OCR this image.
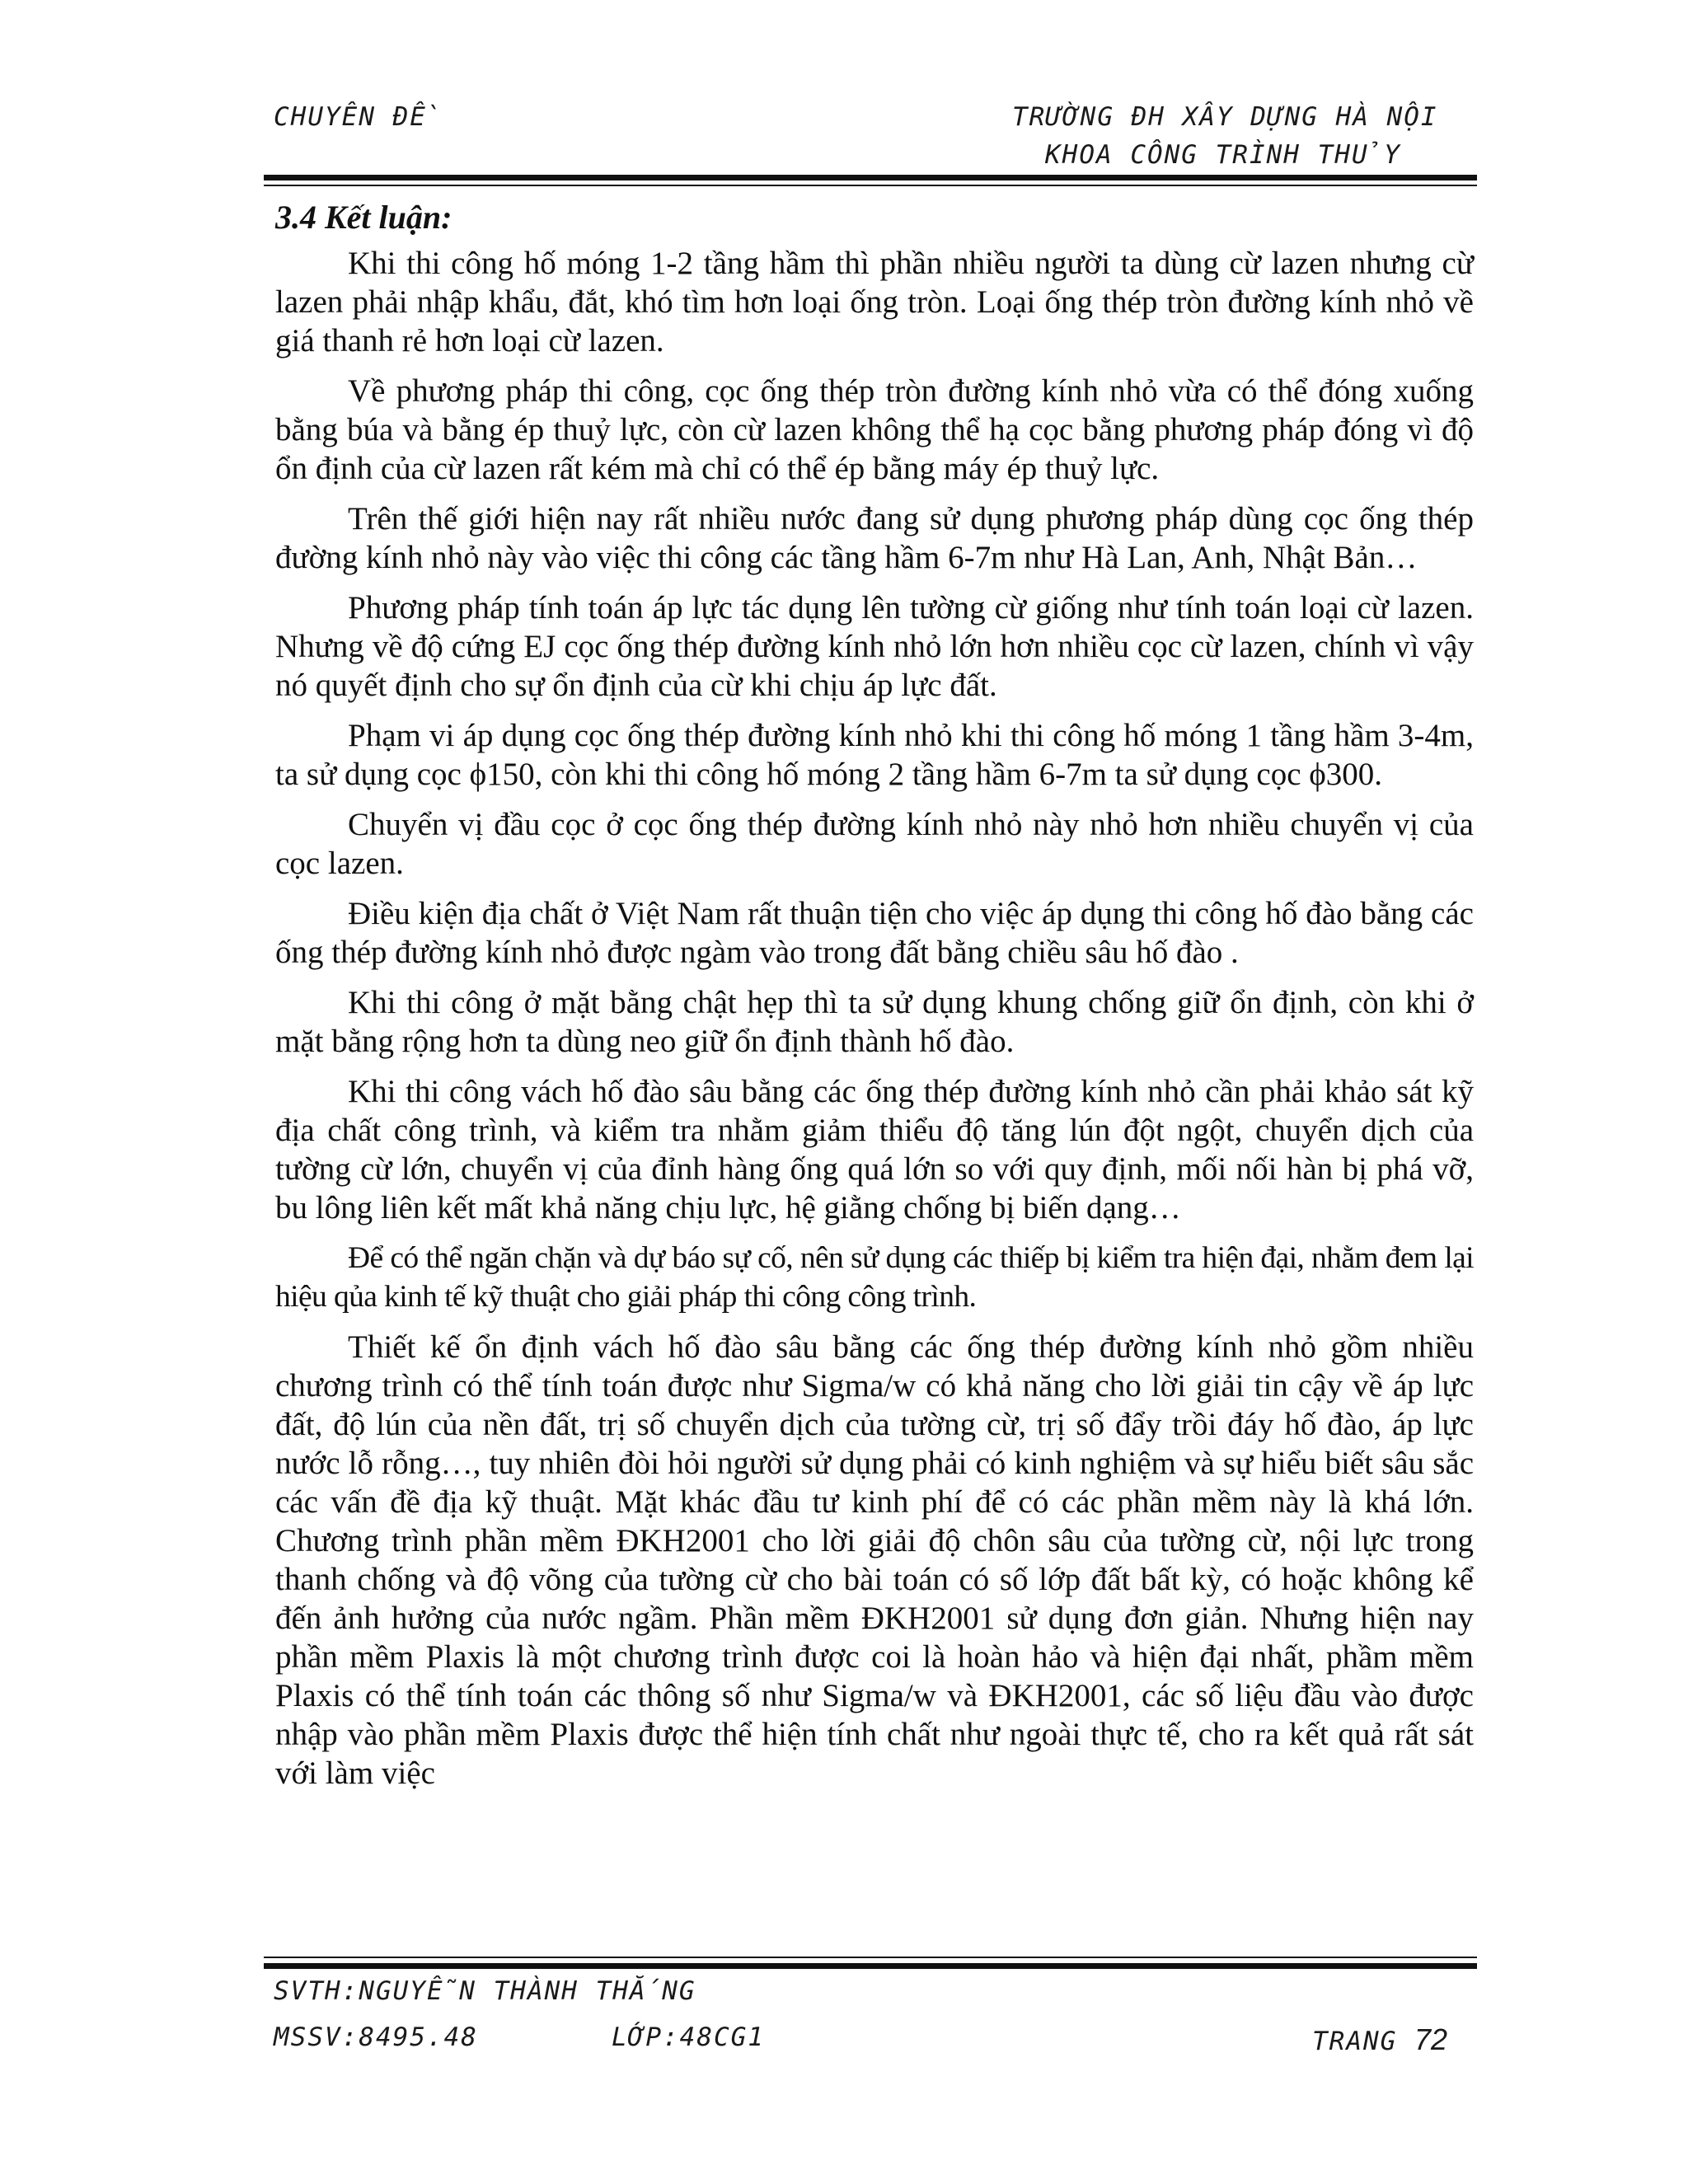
CHUYÊN ĐỀ	TRƯỜNG ĐH XÂY DỰNG HÀ NỘI
KHOA CÔNG TRÌNH THỦY
3.4 Kết luận:

Khi thi công hố móng 1-2 tầng hầm thì phần nhiều người ta dùng cừ lazen nhưng cừ lazen phải nhập khẩu, đắt, khó tìm hơn loại ống tròn. Loại ống thép tròn đường kính nhỏ về giá thanh rẻ hơn loại cừ lazen.

Về phương pháp thi công, cọc ống thép tròn đường kính nhỏ vừa có thể đóng xuống bằng búa và bằng ép thuỷ lực, còn cừ lazen không thể hạ cọc bằng phương pháp đóng vì độ ổn định của cừ lazen rất kém mà chỉ có thể ép bằng máy ép thuỷ lực.

Trên thế giới hiện nay rất nhiều nước đang sử dụng phương pháp dùng cọc ống thép đường kính nhỏ này vào việc thi công các tầng hầm 6-7m như Hà Lan, Anh, Nhật Bản…

Phương pháp tính toán áp lực tác dụng lên tường cừ giống như tính toán loại cừ lazen. Nhưng về độ cứng EJ cọc ống thép đường kính nhỏ lớn hơn nhiều cọc cừ lazen, chính vì vậy nó quyết định cho sự ổn định của cừ khi chịu áp lực đất.

Phạm vi áp dụng cọc ống thép đường kính nhỏ khi thi công hố móng 1 tầng hầm 3-4m, ta sử dụng cọc ϕ150, còn khi thi công hố móng 2 tầng hầm 6-7m ta sử dụng cọc ϕ300.

Chuyển vị đầu cọc ở cọc ống thép đường kính nhỏ này nhỏ hơn nhiều chuyển vị của cọc lazen.

Điều kiện địa chất ở Việt Nam rất thuận tiện cho việc áp dụng thi công hố đào bằng các ống thép đường kính nhỏ được ngàm vào trong đất bằng chiều sâu hố đào .

Khi thi công ở mặt bằng chật hẹp thì ta sử dụng khung chống giữ ổn định, còn khi ở mặt bằng rộng hơn ta dùng neo giữ ổn định thành hố đào.

Khi thi công vách hố đào sâu bằng các ống thép đường kính nhỏ cần phải khảo sát kỹ địa chất công trình, và kiểm tra nhằm giảm thiểu độ tăng lún đột ngột, chuyển dịch của tường cừ lớn, chuyển vị của đỉnh hàng ống quá lớn so với quy định, mối nối hàn bị phá vỡ, bu lông liên kết mất khả năng chịu lực, hệ giằng chống bị biến dạng…

Để có thể ngăn chặn và dự báo sự cố, nên sử dụng các thiếp bị kiểm tra hiện đại, nhằm đem lại hiệu qủa kinh tế kỹ thuật cho giải pháp thi công công trình.

Thiết kế ổn định vách hố đào sâu bằng các ống thép đường kính nhỏ gồm nhiều chương trình có thể tính toán được như Sigma/w có khả năng cho lời giải tin cậy về áp lực đất, độ lún của nền đất, trị số chuyển dịch của tường cừ, trị số đẩy trồi đáy hố đào, áp lực nước lỗ rỗng…, tuy nhiên đòi hỏi người sử dụng phải có kinh nghiệm và sự hiểu biết sâu sắc các vấn đề địa kỹ thuật. Mặt khác đầu tư kinh phí để có các phần mềm này là khá lớn. Chương trình phần mềm ĐKH2001 cho lời giải độ chôn sâu của tường cừ, nội lực trong thanh chống và độ võng của tường cừ cho bài toán có số lớp đất bất kỳ, có hoặc không kể đến ảnh hưởng của nước ngầm. Phần mềm ĐKH2001 sử dụng đơn giản. Nhưng hiện nay phần mềm Plaxis là một chương trình được coi là hoàn hảo và hiện đại nhất, phầm mềm Plaxis có thể tính toán các thông số như Sigma/w và ĐKH2001, các số liệu đầu vào được nhập vào phần mềm Plaxis được thể hiện tính chất như ngoài thực tế, cho ra kết quả rất sát với làm việc

SVTH:NGUYỄN THÀNH THẮNG
MSSV:8495.48	LỚP:48CG1	TRANG 72
